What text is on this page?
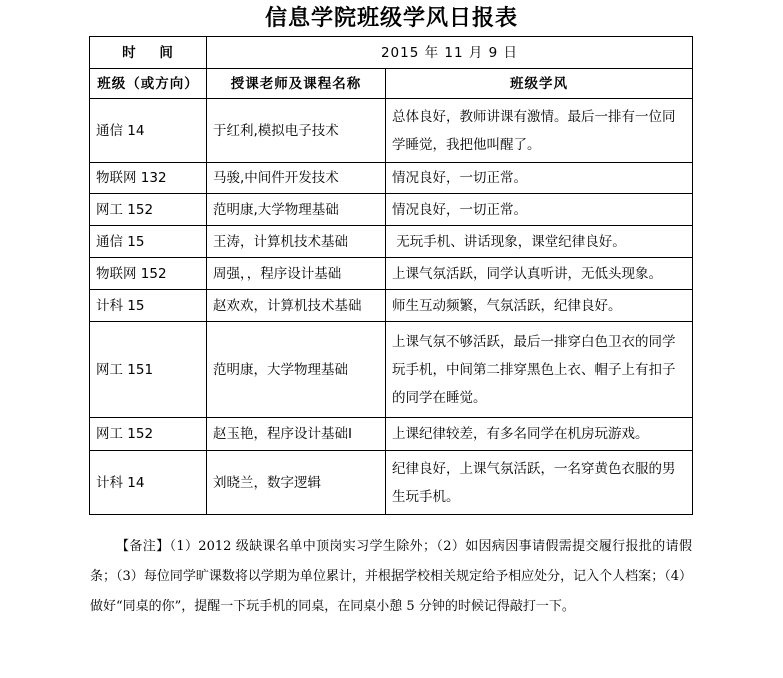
信息学院班级学风日报表
时    间	2015 年 11 月 9 日	
班级（或方向）	授课老师及课程名称	班级学风
通信 14	于红利,模拟电子技术	总体良好，教师讲课有激情。最后一排有一位同学睡觉，我把他叫醒了。
物联网 132	马骏,中间件开发技术	情况良好，一切正常。
网工 152	范明康,大学物理基础	情况良好，一切正常。
通信 15	王涛，计算机技术基础	无玩手机、讲话现象，课堂纪律良好。
物联网 152	周强，，程序设计基础	上课气氛活跃，同学认真听讲，无低头现象。
计科 15	赵欢欢，计算机技术基础	师生互动频繁，气氛活跃，纪律良好。
网工 151	范明康，大学物理基础	上课气氛不够活跃，最后一排穿白色卫衣的同学玩手机，中间第二排穿黑色上衣、帽子上有扣子的同学在睡觉。
网工 152	赵玉艳，程序设计基础Ⅰ	上课纪律较差，有多名同学在机房玩游戏。
计科 14	刘晓兰，数字逻辑	纪律良好，上课气氛活跃，一名穿黄色衣服的男生玩手机。
【备注】（1）2012 级缺课名单中顶岗实习学生除外；（2）如因病因事请假需提交履行报批的请假条；（3）每位同学旷课数将以学期为单位累计，并根据学校相关规定给予相应处分，记入个人档案；（4）做好“同桌的你”，提醒一下玩手机的同桌，在同桌小憩 5 分钟的时候记得敲打一下。
